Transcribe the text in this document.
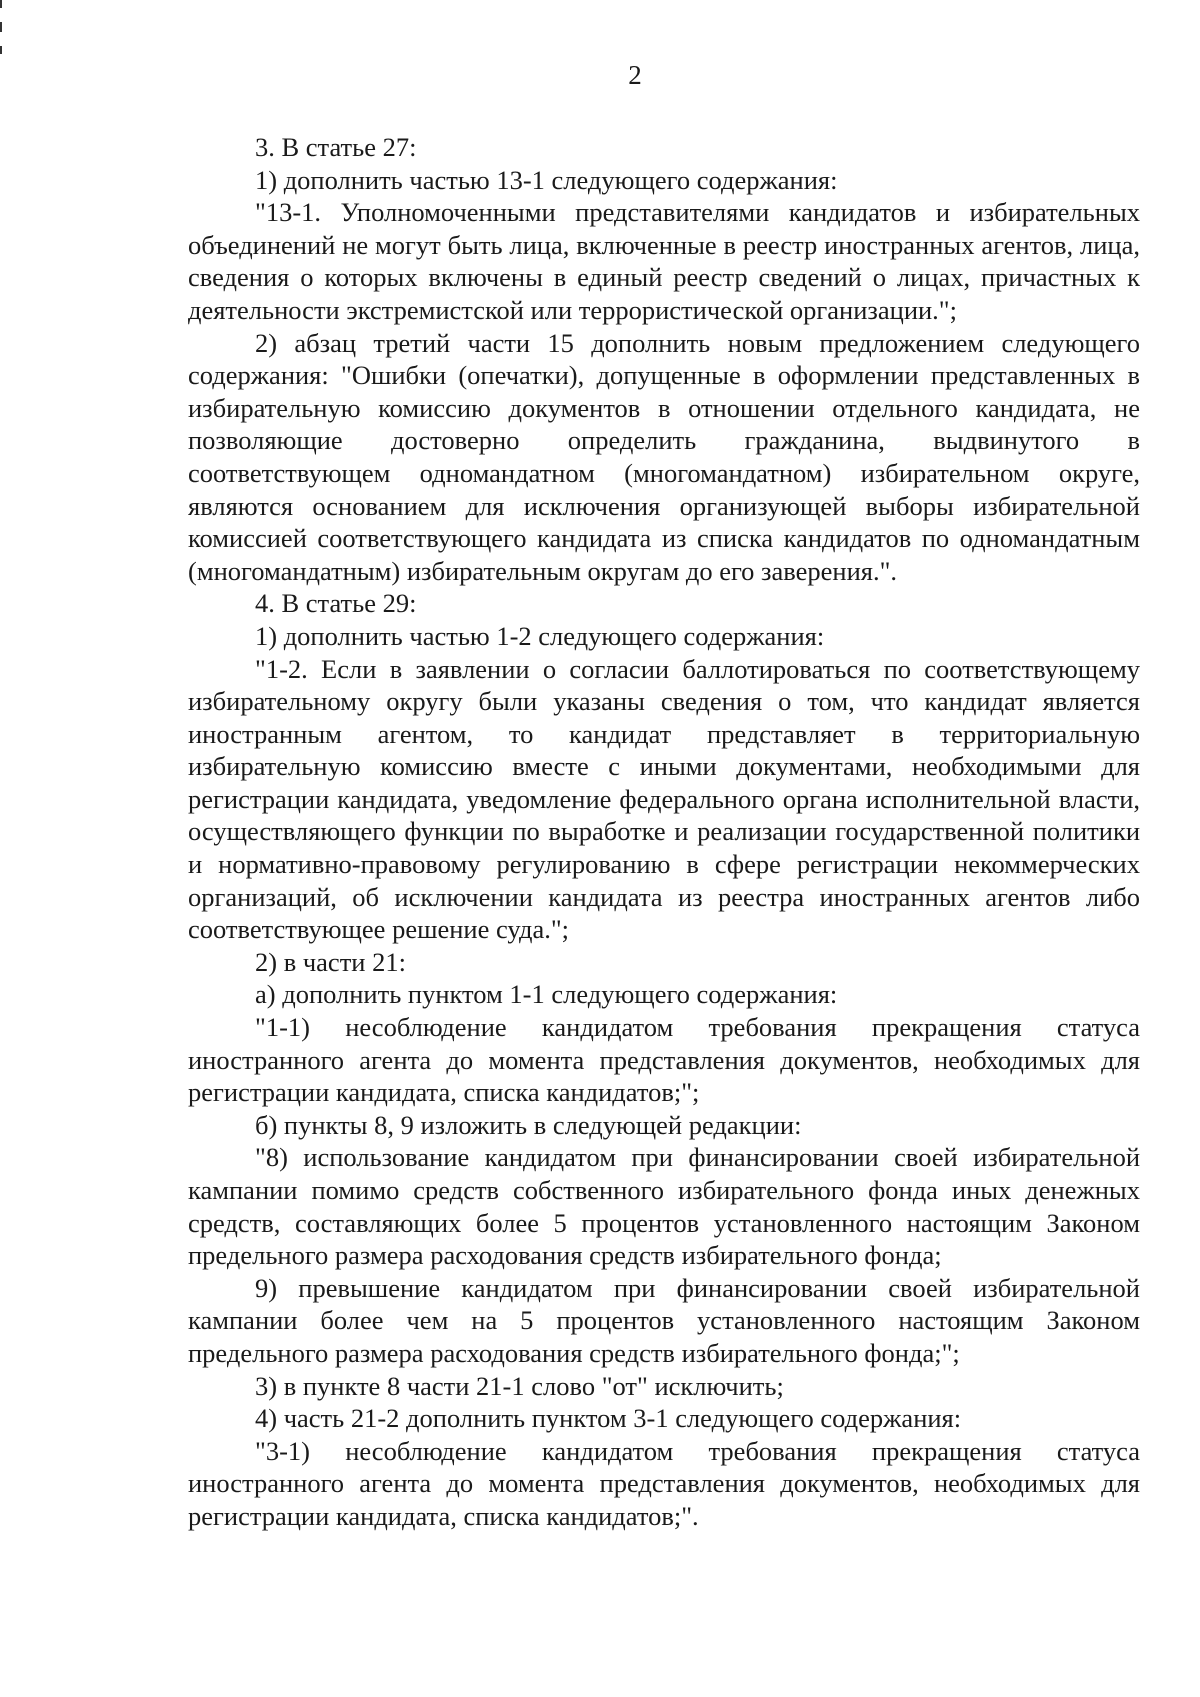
2

3. В статье 27:

1) дополнить частью 13-1 следующего содержания:

"13-1. Уполномоченными представителями кандидатов и избирательных объединений не могут быть лица, включенные в реестр иностранных агентов, лица, сведения о которых включены в единый реестр сведений о лицах, причастных к деятельности экстремистской или террористической организации.";

2) абзац третий части 15 дополнить новым предложением следующего содержания: "Ошибки (опечатки), допущенные в оформлении представленных в избирательную комиссию документов в отношении отдельного кандидата, не позволяющие достоверно определить гражданина, выдвинутого в соответствующем одномандатном (многомандатном) избирательном округе, являются основанием для исключения организующей выборы избирательной комиссией соответствующего кандидата из списка кандидатов по одномандатным (многомандатным) избирательным округам до его заверения.".

4. В статье 29:

1) дополнить частью 1-2 следующего содержания:

"1-2. Если в заявлении о согласии баллотироваться по соответствующему избирательному округу были указаны сведения о том, что кандидат является иностранным агентом, то кандидат представляет в территориальную избирательную комиссию вместе с иными документами, необходимыми для регистрации кандидата, уведомление федерального органа исполнительной власти, осуществляющего функции по выработке и реализации государственной политики и нормативно-правовому регулированию в сфере регистрации некоммерческих организаций, об исключении кандидата из реестра иностранных агентов либо соответствующее решение суда.";

2) в части 21:

а) дополнить пунктом 1-1 следующего содержания:

"1-1) несоблюдение кандидатом требования прекращения статуса иностранного агента до момента представления документов, необходимых для регистрации кандидата, списка кандидатов;";

б) пункты 8, 9 изложить в следующей редакции:

"8) использование кандидатом при финансировании своей избирательной кампании помимо средств собственного избирательного фонда иных денежных средств, составляющих более 5 процентов установленного настоящим Законом предельного размера расходования средств избирательного фонда;

9) превышение кандидатом при финансировании своей избирательной кампании более чем на 5 процентов установленного настоящим Законом предельного размера расходования средств избирательного фонда;";

3) в пункте 8 части 21-1 слово "от" исключить;

4) часть 21-2 дополнить пунктом 3-1 следующего содержания:

"3-1) несоблюдение кандидатом требования прекращения статуса иностранного агента до момента представления документов, необходимых для регистрации кандидата, списка кандидатов;".
